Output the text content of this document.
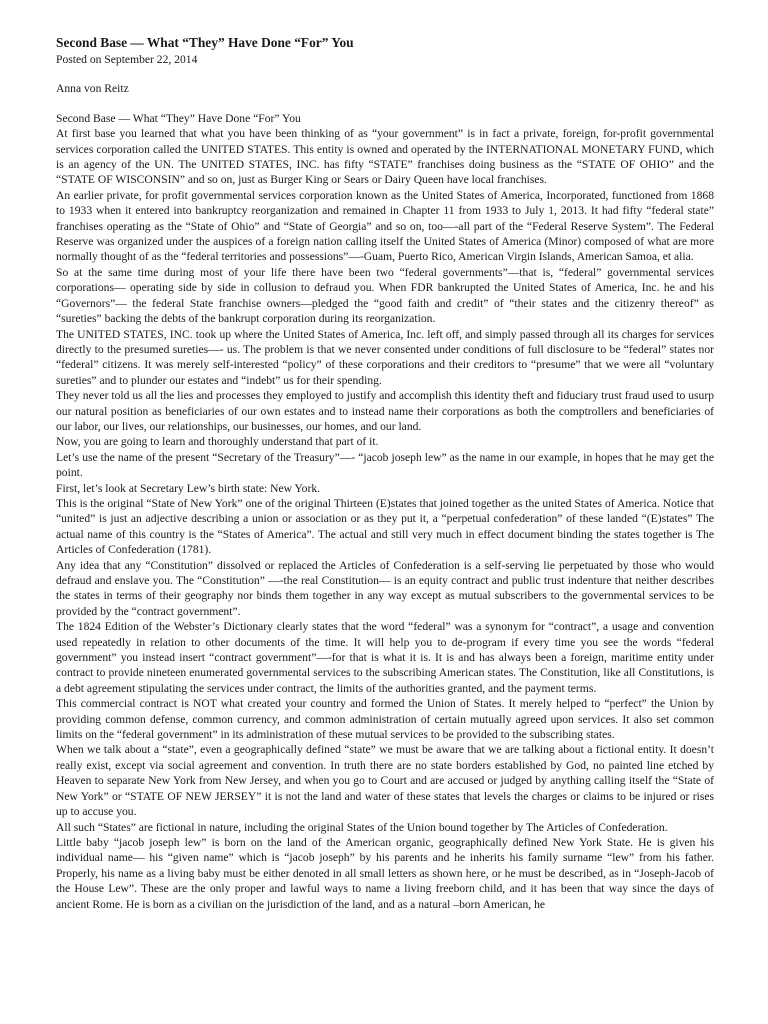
Second Base — What “They” Have Done “For” You

Posted on September 22, 2014

Anna von Reitz

Second Base — What “They” Have Done “For” You

At first base you learned that what you have been thinking of as “your government” is in fact a private, foreign, for-profit governmental services corporation called the UNITED STATES. This entity is owned and operated by the INTERNATIONAL MONETARY FUND, which is an agency of the UN. The UNITED STATES, INC. has fifty “STATE” franchises doing business as the “STATE OF OHIO” and the “STATE OF WISCONSIN” and so on, just as Burger King or Sears or Dairy Queen have local franchises.

An earlier private, for profit governmental services corporation known as the United States of America, Incorporated, functioned from 1868 to 1933 when it entered into bankruptcy reorganization and remained in Chapter 11 from 1933 to July 1, 2013. It had fifty “federal state” franchises operating as the “State of Ohio” and “State of Georgia” and so on, too—-all part of the “Federal Reserve System”. The Federal Reserve was organized under the auspices of a foreign nation calling itself the United States of America (Minor) composed of what are more normally thought of as the “federal territories and possessions”—-Guam, Puerto Rico, American Virgin Islands, American Samoa, et alia.

So at the same time during most of your life there have been two “federal governments”—that is, “federal” governmental services corporations— operating side by side in collusion to defraud you. When FDR bankrupted the United States of America, Inc. he and his “Governors”— the federal State franchise owners—pledged the “good faith and credit” of “their states and the citizenry thereof” as “sureties” backing the debts of the bankrupt corporation during its reorganization.

The UNITED STATES, INC. took up where the United States of America, Inc. left off, and simply passed through all its charges for services directly to the presumed sureties—- us. The problem is that we never consented under conditions of full disclosure to be “federal” states nor “federal” citizens. It was merely self-interested “policy” of these corporations and their creditors to “presume” that we were all “voluntary sureties” and to plunder our estates and “indebt” us for their spending.

They never told us all the lies and processes they employed to justify and accomplish this identity theft and fiduciary trust fraud used to usurp our natural position as beneficiaries of our own estates and to instead name their corporations as both the comptrollers and beneficiaries of our labor, our lives, our relationships, our businesses, our homes, and our land.

Now, you are going to learn and thoroughly understand that part of it.

Let’s use the name of the present “Secretary of the Treasury”—- “jacob joseph lew” as the name in our example, in hopes that he may get the point.

First, let’s look at Secretary Lew’s birth state: New York.

This is the original “State of New York” one of the original Thirteen (E)states that joined together as the united States of America. Notice that “united” is just an adjective describing a union or association or as they put it, a “perpetual confederation” of these landed “(E)states” The actual name of this country is the “States of America”. The actual and still very much in effect document binding the states together is The Articles of Confederation (1781).

Any idea that any “Constitution” dissolved or replaced the Articles of Confederation is a self-serving lie perpetuated by those who would defraud and enslave you. The “Constitution” —-the real Constitution— is an equity contract and public trust indenture that neither describes the states in terms of their geography nor binds them together in any way except as mutual subscribers to the governmental services to be provided by the “contract government”.

The 1824 Edition of the Webster’s Dictionary clearly states that the word “federal” was a synonym for “contract”, a usage and convention used repeatedly in relation to other documents of the time. It will help you to de-program if every time you see the words “federal government” you instead insert “contract government”—-for that is what it is. It is and has always been a foreign, maritime entity under contract to provide nineteen enumerated governmental services to the subscribing American states. The Constitution, like all Constitutions, is a debt agreement stipulating the services under contract, the limits of the authorities granted, and the payment terms.

This commercial contract is NOT what created your country and formed the Union of States. It merely helped to “perfect” the Union by providing common defense, common currency, and common administration of certain mutually agreed upon services. It also set common limits on the “federal government” in its administration of these mutual services to be provided to the subscribing states.

When we talk about a “state”, even a geographically defined “state” we must be aware that we are talking about a fictional entity. It doesn’t really exist, except via social agreement and convention. In truth there are no state borders established by God, no painted line etched by Heaven to separate New York from New Jersey, and when you go to Court and are accused or judged by anything calling itself the “State of New York” or “STATE OF NEW JERSEY” it is not the land and water of these states that levels the charges or claims to be injured or rises up to accuse you.

All such “States” are fictional in nature, including the original States of the Union bound together by The Articles of Confederation.

Little baby “jacob joseph lew” is born on the land of the American organic, geographically defined New York State. He is given his individual name— his “given name” which is “jacob joseph” by his parents and he inherits his family surname “lew” from his father. Properly, his name as a living baby must be either denoted in all small letters as shown here, or he must be described, as in “Joseph-Jacob of the House Lew”. These are the only proper and lawful ways to name a living freeborn child, and it has been that way since the days of ancient Rome. He is born as a civilian on the jurisdiction of the land, and as a natural –born American, he
